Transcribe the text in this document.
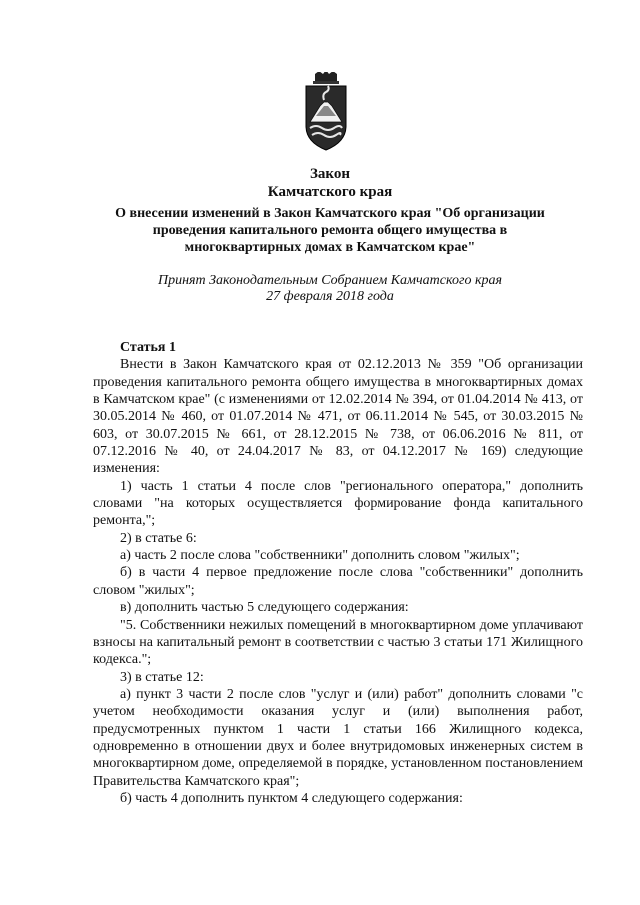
Закон
Камчатского края
О внесении изменений в Закон Камчатского края "Об организации
проведения капитального ремонта общего имущества в
многоквартирных домах в Камчатском крае"
Принят Законодательным Собранием Камчатского края
27 февраля 2018 года

Статья 1

Внести в Закон Камчатского края от 02.12.2013 № 359 "Об организации проведения капитального ремонта общего имущества в многоквартирных домах в Камчатском крае" (с изменениями от 12.02.2014 № 394, от 01.04.2014 № 413, от 30.05.2014 № 460, от 01.07.2014 № 471, от 06.11.2014 № 545, от 30.03.2015 № 603, от 30.07.2015 № 661, от 28.12.2015 № 738, от 06.06.2016 № 811, от 07.12.2016 № 40, от 24.04.2017 № 83, от 04.12.2017 № 169) следующие изменения:

1) часть 1 статьи 4 после слов "регионального оператора," дополнить словами "на которых осуществляется формирование фонда капитального ремонта,";

2) в статье 6:

а) часть 2 после слова "собственники" дополнить словом "жилых";

б) в части 4 первое предложение после слова "собственники" дополнить словом "жилых";

в) дополнить частью 5 следующего содержания:

"5. Собственники нежилых помещений в многоквартирном доме уплачивают взносы на капитальный ремонт в соответствии с частью 3 статьи 171 Жилищного кодекса.";

3) в статье 12:

а) пункт 3 части 2 после слов "услуг и (или) работ" дополнить словами "с учетом необходимости оказания услуг и (или) выполнения работ, предусмотренных пунктом 1 части 1 статьи 166 Жилищного кодекса, одновременно в отношении двух и более внутридомовых инженерных систем в многоквартирном доме, определяемой в порядке, установленном постановлением Правительства Камчатского края";

б) часть 4 дополнить пунктом 4 следующего содержания:
